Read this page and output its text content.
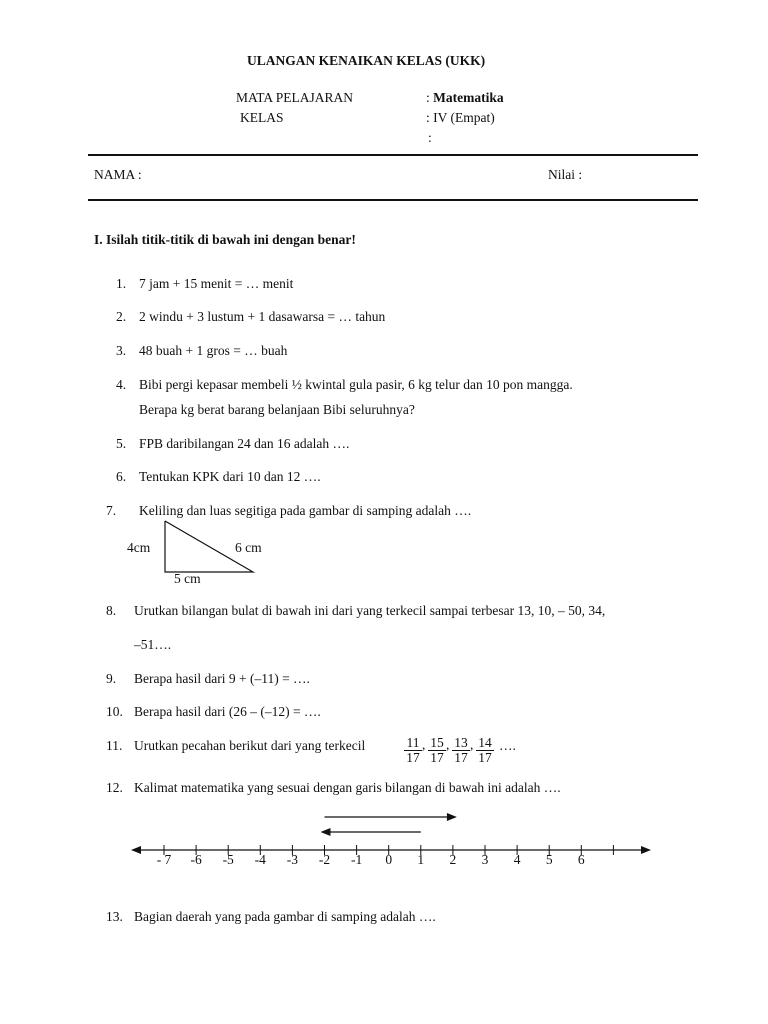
ULANGAN KENAIKAN KELAS (UKK)
MATA PELAJARAN	: Matematika
KELAS	: IV (Empat)
:
NAMA :	Nilai :
I. Isilah titik-titik di bawah ini dengan benar!
1. 7 jam + 15 menit = … menit
2. 2 windu + 3 lustum + 1 dasawarsa = … tahun
3. 48 buah + 1 gros = … buah
4. Bibi pergi kepasar membeli ½ kwintal gula pasir, 6 kg telur dan 10 pon mangga.
Berapa kg berat barang belanjaan Bibi seluruhnya?
5. FPB daribilangan 24 dan 16 adalah ….
6. Tentukan KPK dari 10 dan 12 ….
7. Keliling dan luas segitiga pada gambar di samping adalah ….
4cm	6 cm
5 cm
8. Urutkan bilangan bulat di bawah ini dari yang terkecil sampai terbesar 13, 10, – 50, 34,
–51….
9. Berapa hasil dari 9 + (–11) = ….
10. Berapa hasil dari (26 – (–12) = ….
11. Urutkan pecahan berikut dari yang terkecil	$\frac{11}{17}$ , $\frac{15}{17}$ , $\frac{13}{17}$ , $\frac{14}{17}$ ….
12. Kalimat matematika yang sesuai dengan garis bilangan di bawah ini adalah ….
- 7	-6	-5	-4	-3	-2	-1	0	1	2	3	4	5	6
13. Bagian daerah yang pada gambar di samping adalah ….
